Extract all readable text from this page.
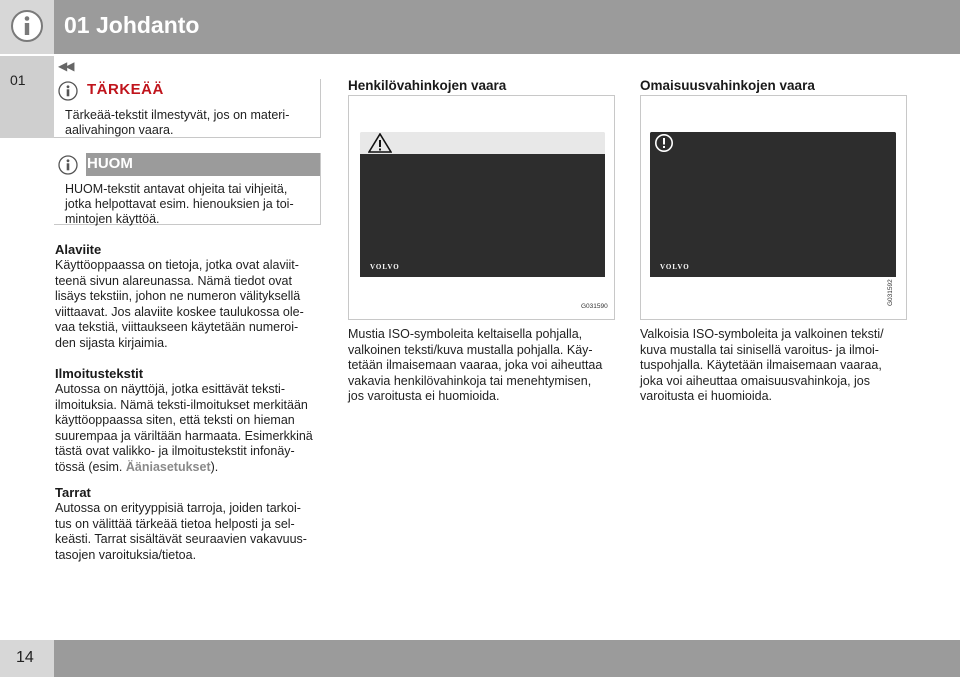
01 Johdanto
01
◀◀
TÄRKEÄÄ
Tärkeää-tekstit ilmestyvät, jos on materi-
aalivahingon vaara.
HUOM
HUOM-tekstit antavat ohjeita tai vihjeitä,
jotka helpottavat esim. hienouksien ja toi-
mintojen käyttöä.
Alaviite
Käyttöoppaassa on tietoja, jotka ovat alaviit-
teenä sivun alareunassa. Nämä tiedot ovat
lisäys tekstiin, johon ne numeron välityksellä
viittaavat. Jos alaviite koskee taulukossa ole-
vaa tekstiä, viittaukseen käytetään numeroi-
den sijasta kirjaimia.
Ilmoitustekstit
Autossa on näyttöjä, jotka esittävät teksti-
ilmoituksia. Nämä teksti-ilmoitukset merkitään
käyttöoppaassa siten, että teksti on hieman
suurempaa ja väriltään harmaata. Esimerkkinä
tästä ovat valikko- ja ilmoitustekstit infonäy-
tössä (esim. Ääniasetukset).
Tarrat
Autossa on erityyppisiä tarroja, joiden tarkoi-
tus on välittää tärkeää tietoa helposti ja sel-
keästi. Tarrat sisältävät seuraavien vakavuus-
tasojen varoituksia/tietoa.
Henkilövahinkojen vaara
VOLVO
G031590
Mustia ISO-symboleita keltaisella pohjalla,
valkoinen teksti/kuva mustalla pohjalla. Käy-
tetään ilmaisemaan vaaraa, joka voi aiheuttaa
vakavia henkilövahinkoja tai menehtymisen,
jos varoitusta ei huomioida.
Omaisuusvahinkojen vaara
VOLVO
G031592
Valkoisia ISO-symboleita ja valkoinen teksti/
kuva mustalla tai sinisellä varoitus- ja ilmoi-
tuspohjalla. Käytetään ilmaisemaan vaaraa,
joka voi aiheuttaa omaisuusvahinkoja, jos
varoitusta ei huomioida.
14
